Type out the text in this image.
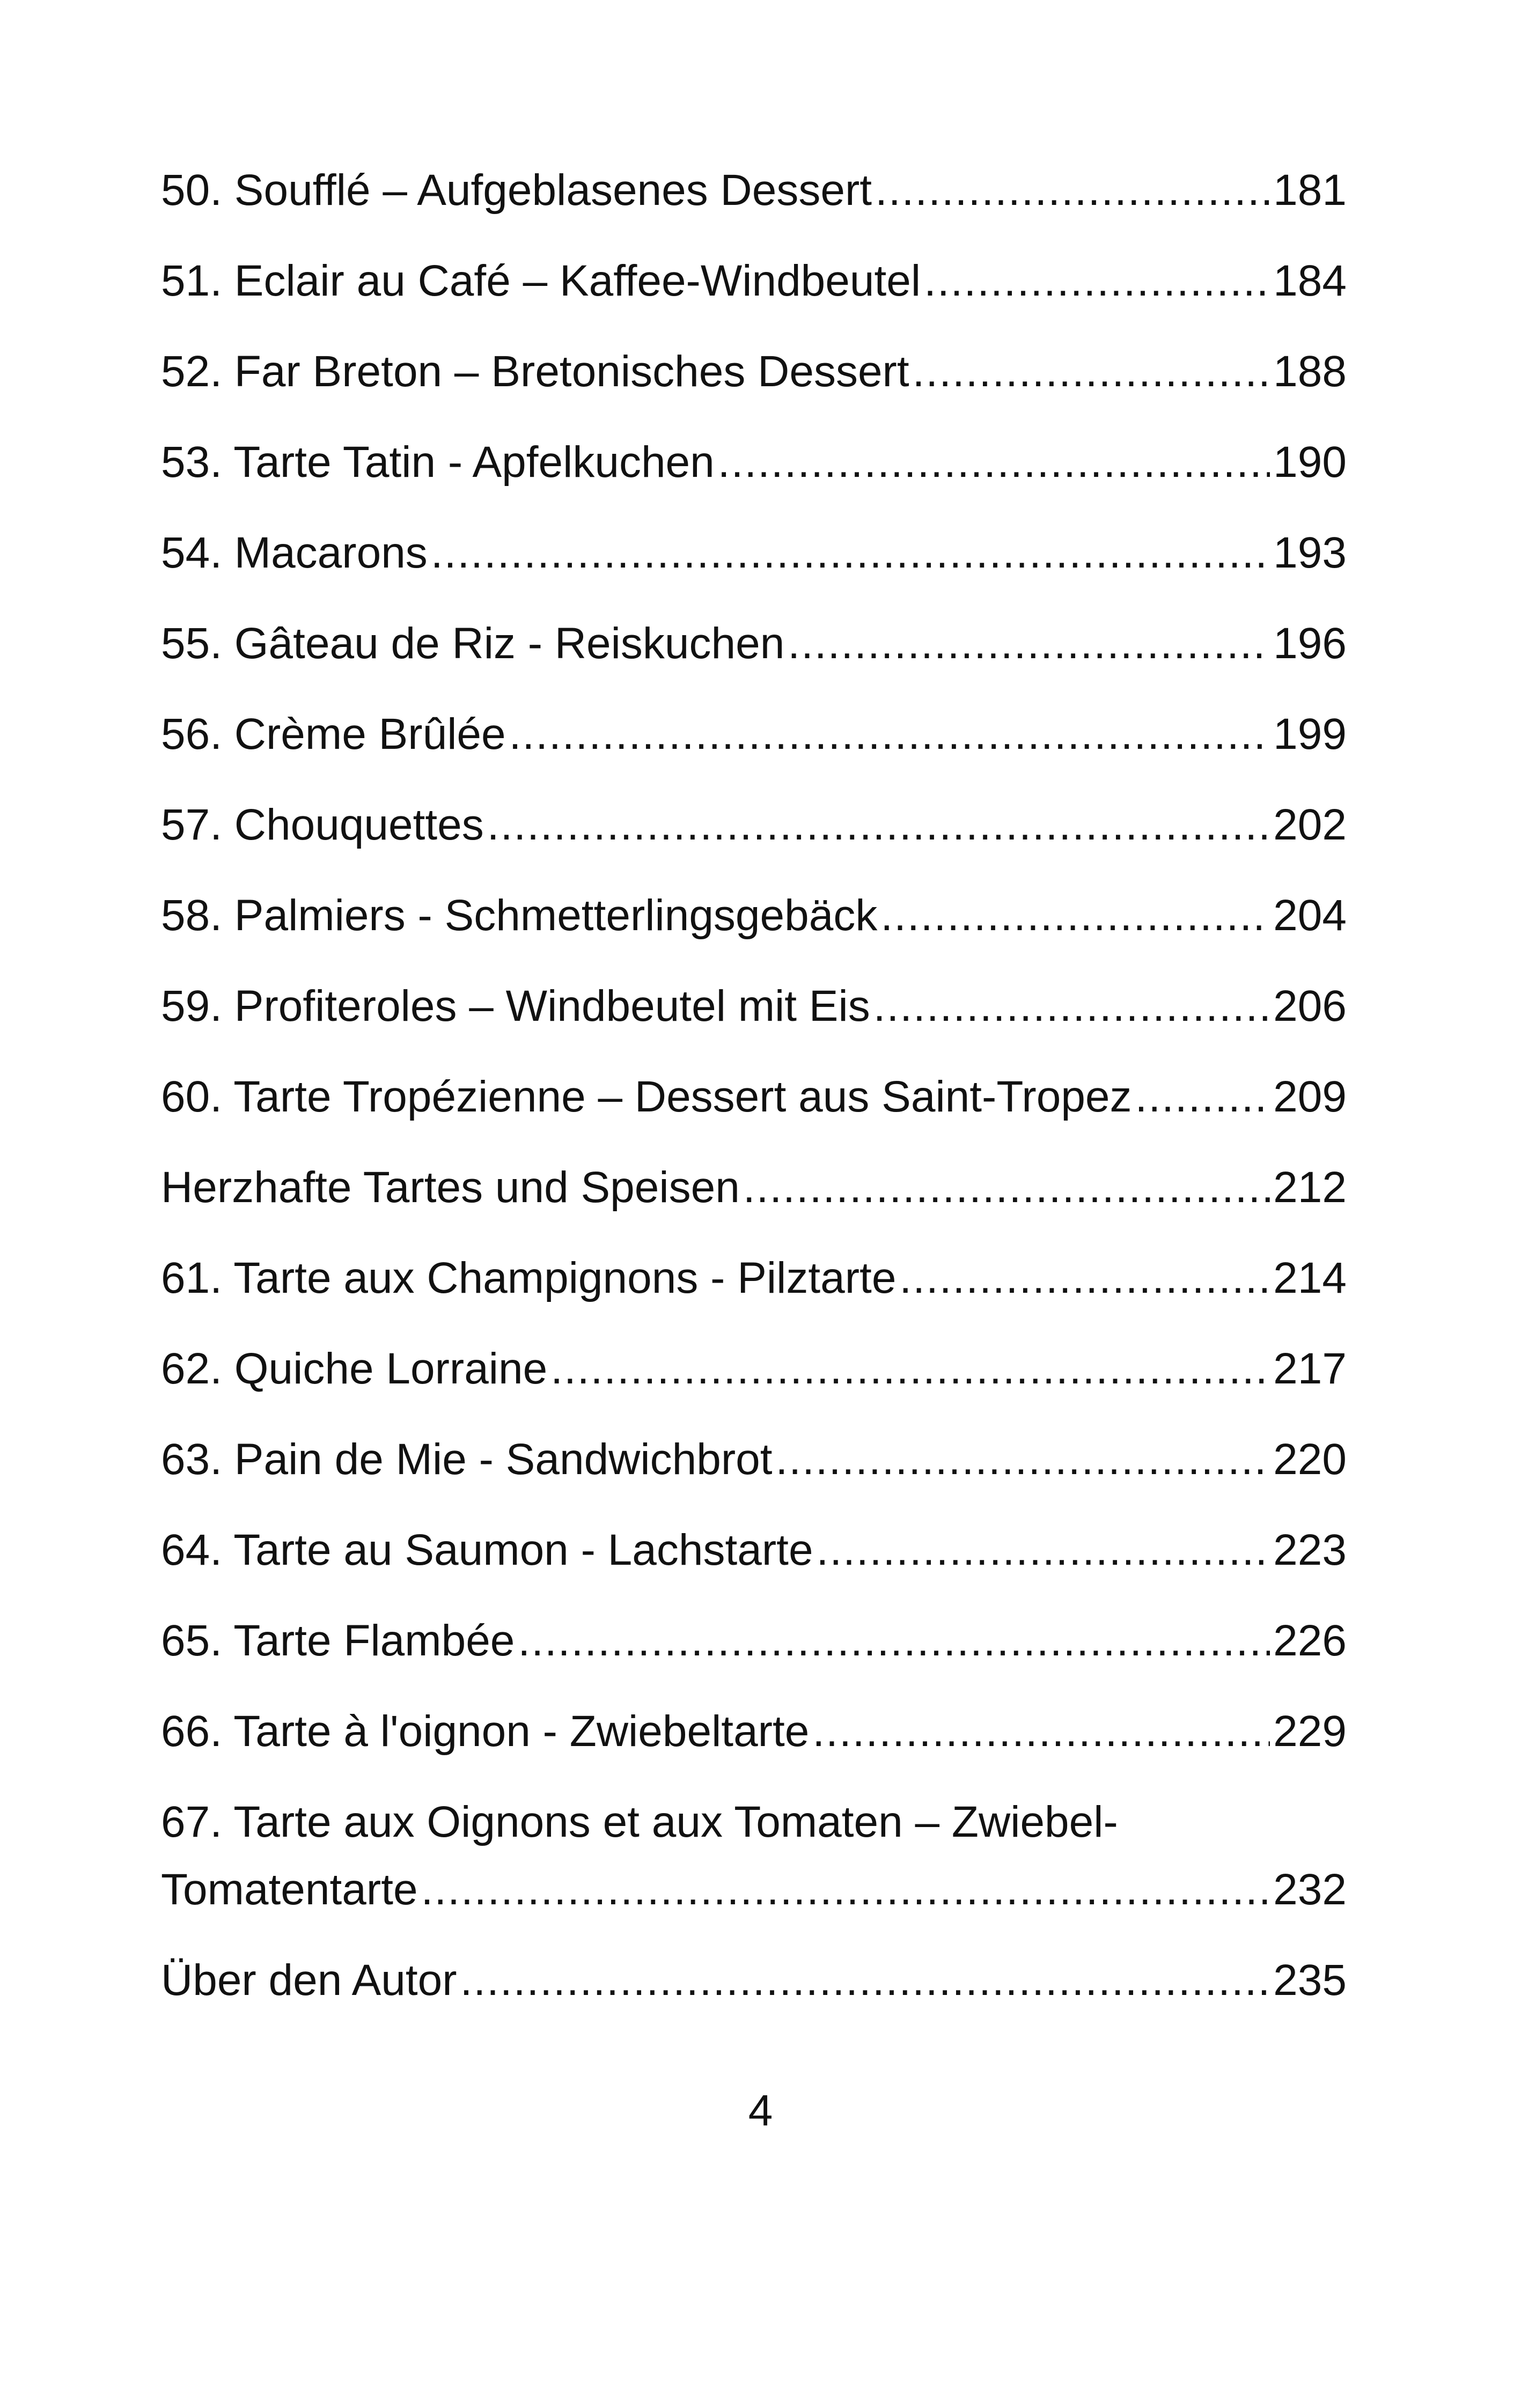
50. Soufflé – Aufgeblasenes Dessert .....	181
51. Eclair au Café – Kaffee-Windbeutel .....	184
52. Far Breton – Bretonisches Dessert .....	188
53. Tarte Tatin - Apfelkuchen .....	190
54. Macarons .....	193
55. Gâteau de Riz - Reiskuchen .....	196
56. Crème Brûlée .....	199
57. Chouquettes .....	202
58. Palmiers - Schmetterlingsgebäck .....	204
59. Profiteroles – Windbeutel mit Eis .....	206
60. Tarte Tropézienne – Dessert aus Saint-Tropez .....	209
Herzhafte Tartes und Speisen .....	212
61. Tarte aux Champignons - Pilztarte .....	214
62. Quiche Lorraine .....	217
63. Pain de Mie - Sandwichbrot .....	220
64. Tarte au Saumon - Lachstarte .....	223
65. Tarte Flambée .....	226
66. Tarte à l'oignon - Zwiebeltarte .....	229
67. Tarte aux Oignons et aux Tomaten – Zwiebel-
Tomatentarte .....	232
Über den Autor .....	235
4
